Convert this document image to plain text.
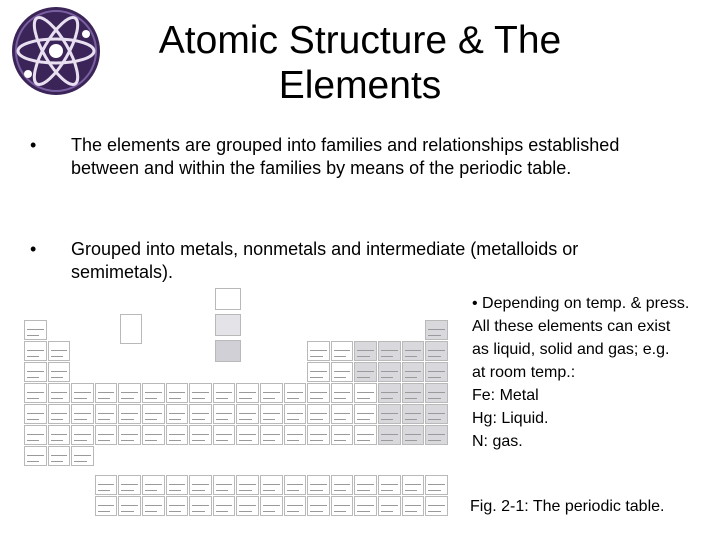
Atomic Structure & The
Elements
• The elements are grouped into families and relationships established between and within the families by means of the periodic table.
• Grouped into metals, nonmetals and intermediate (metalloids or semimetals).
• Depending on temp. & press.
All these elements can exist
as liquid, solid and gas; e.g.
at room temp.:
Fe: Metal
Hg: Liquid.
N: gas.
Fig. 2-1: The periodic table.
